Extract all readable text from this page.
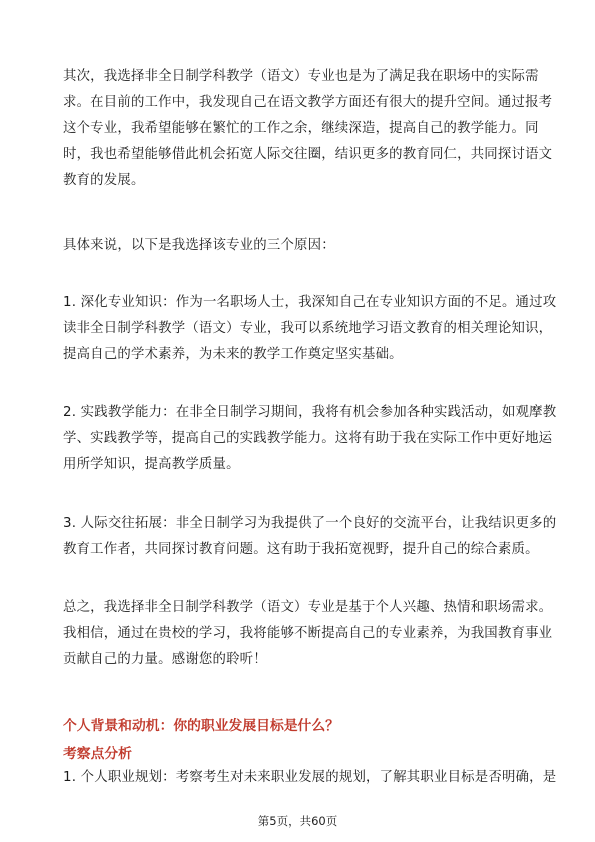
其次，我选择非全日制学科教学（语文）专业也是为了满足我在职场中的实际需
求。在目前的工作中，我发现自己在语文教学方面还有很大的提升空间。通过报考
这个专业，我希望能够在繁忙的工作之余，继续深造，提高自己的教学能力。同
时，我也希望能够借此机会拓宽人际交往圈，结识更多的教育同仁，共同探讨语文
教育的发展。
具体来说，以下是我选择该专业的三个原因：
1. 深化专业知识：作为一名职场人士，我深知自己在专业知识方面的不足。通过攻
读非全日制学科教学（语文）专业，我可以系统地学习语文教育的相关理论知识，
提高自己的学术素养，为未来的教学工作奠定坚实基础。
2. 实践教学能力：在非全日制学习期间，我将有机会参加各种实践活动，如观摩教
学、实践教学等，提高自己的实践教学能力。这将有助于我在实际工作中更好地运
用所学知识，提高教学质量。
3. 人际交往拓展：非全日制学习为我提供了一个良好的交流平台，让我结识更多的
教育工作者，共同探讨教育问题。这有助于我拓宽视野，提升自己的综合素质。
总之，我选择非全日制学科教学（语文）专业是基于个人兴趣、热情和职场需求。
我相信，通过在贵校的学习，我将能够不断提高自己的专业素养，为我国教育事业
贡献自己的力量。感谢您的聆听！
个人背景和动机：你的职业发展目标是什么？
考察点分析
1. 个人职业规划：考察考生对未来职业发展的规划，了解其职业目标是否明确，是
第5页，共60页
